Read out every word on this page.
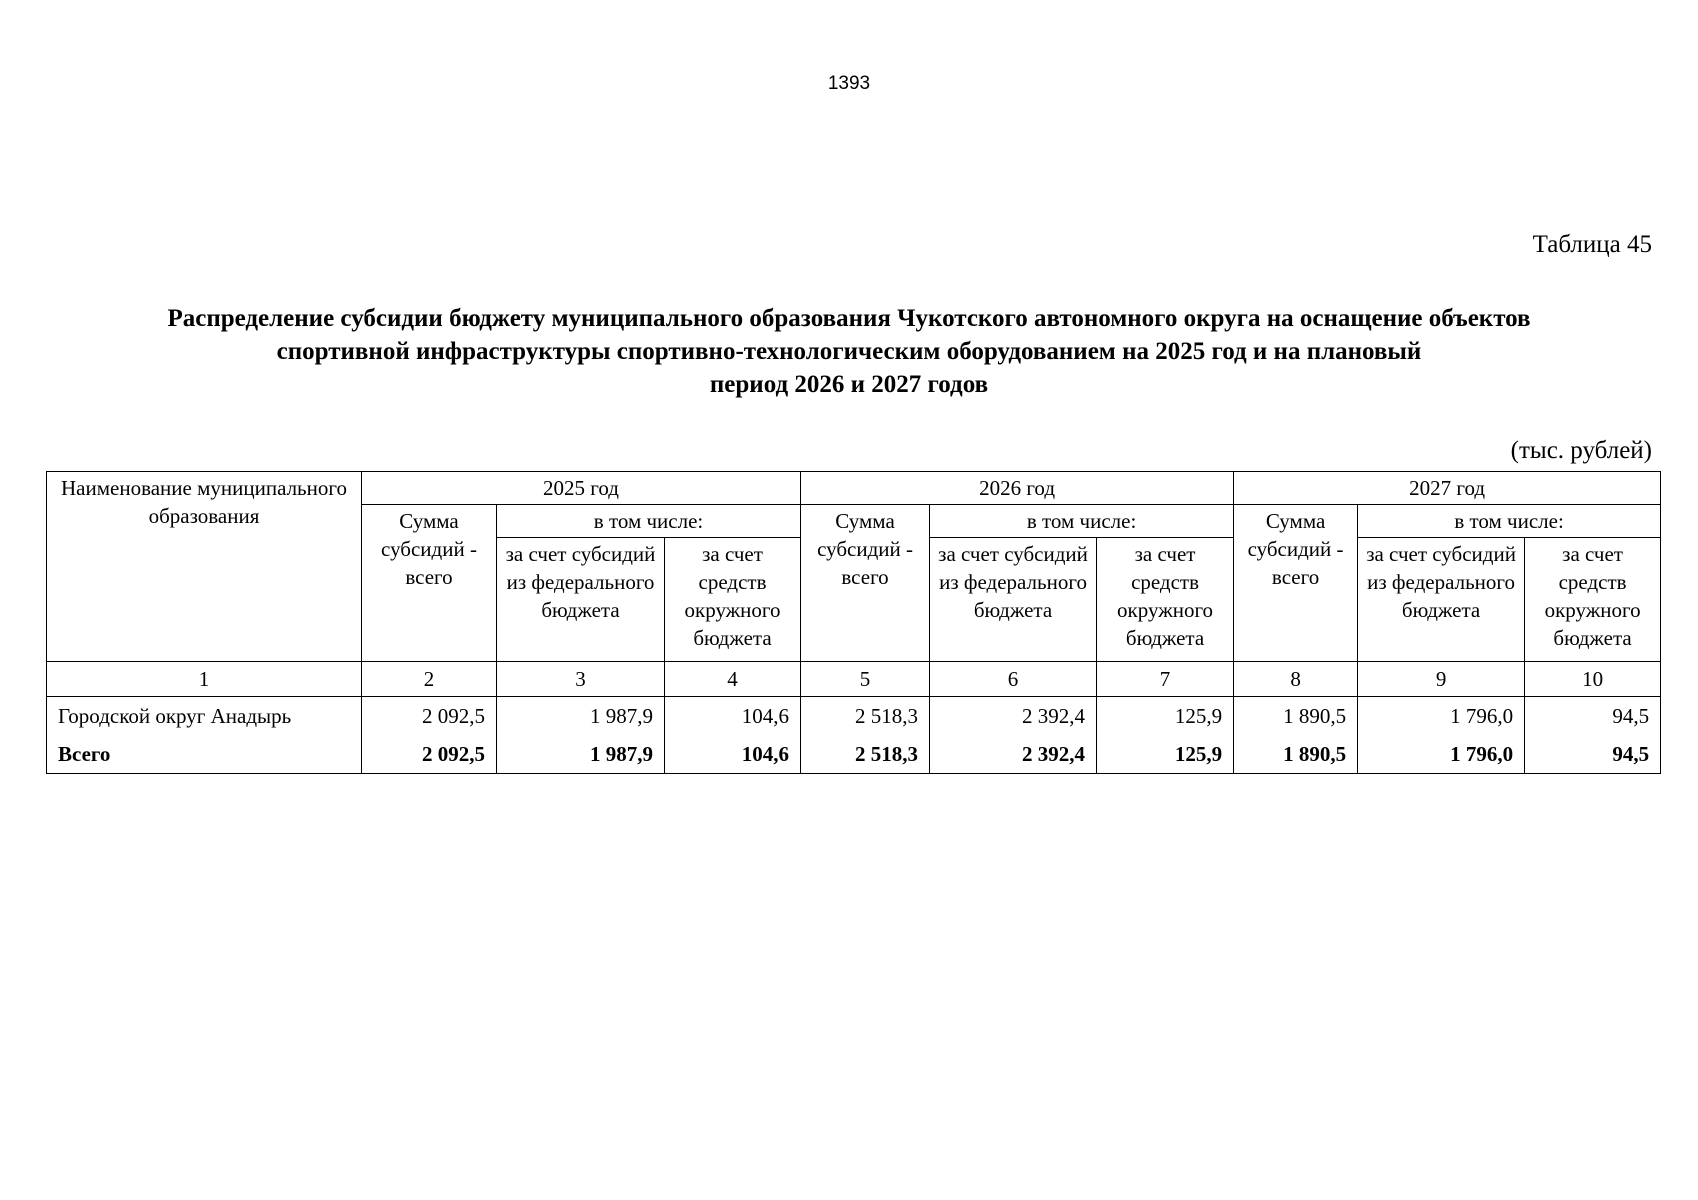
1393
Таблица 45
Распределение субсидии бюджету муниципального образования Чукотского автономного округа на оснащение объектов
спортивной инфраструктуры спортивно-технологическим оборудованием на 2025 год и на плановый
период 2026 и 2027 годов
(тыс. рублей)
Наименование муниципального образования	2025 год			2026 год			2027 год		
	Сумма субсидий - всего	в том числе:		Сумма субсидий - всего	в том числе:		Сумма субсидий - всего	в том числе:	
		за счет субсидий из федерального бюджета	за счет средств окружного бюджета		за счет субсидий из федерального бюджета	за счет средств окружного бюджета		за счет субсидий из федерального бюджета	за счет средств окружного бюджета
1	2	3	4	5	6	7	8	9	10
Городской округ Анадырь	2 092,5	1 987,9	104,6	2 518,3	2 392,4	125,9	1 890,5	1 796,0	94,5
Всего	2 092,5	1 987,9	104,6	2 518,3	2 392,4	125,9	1 890,5	1 796,0	94,5
